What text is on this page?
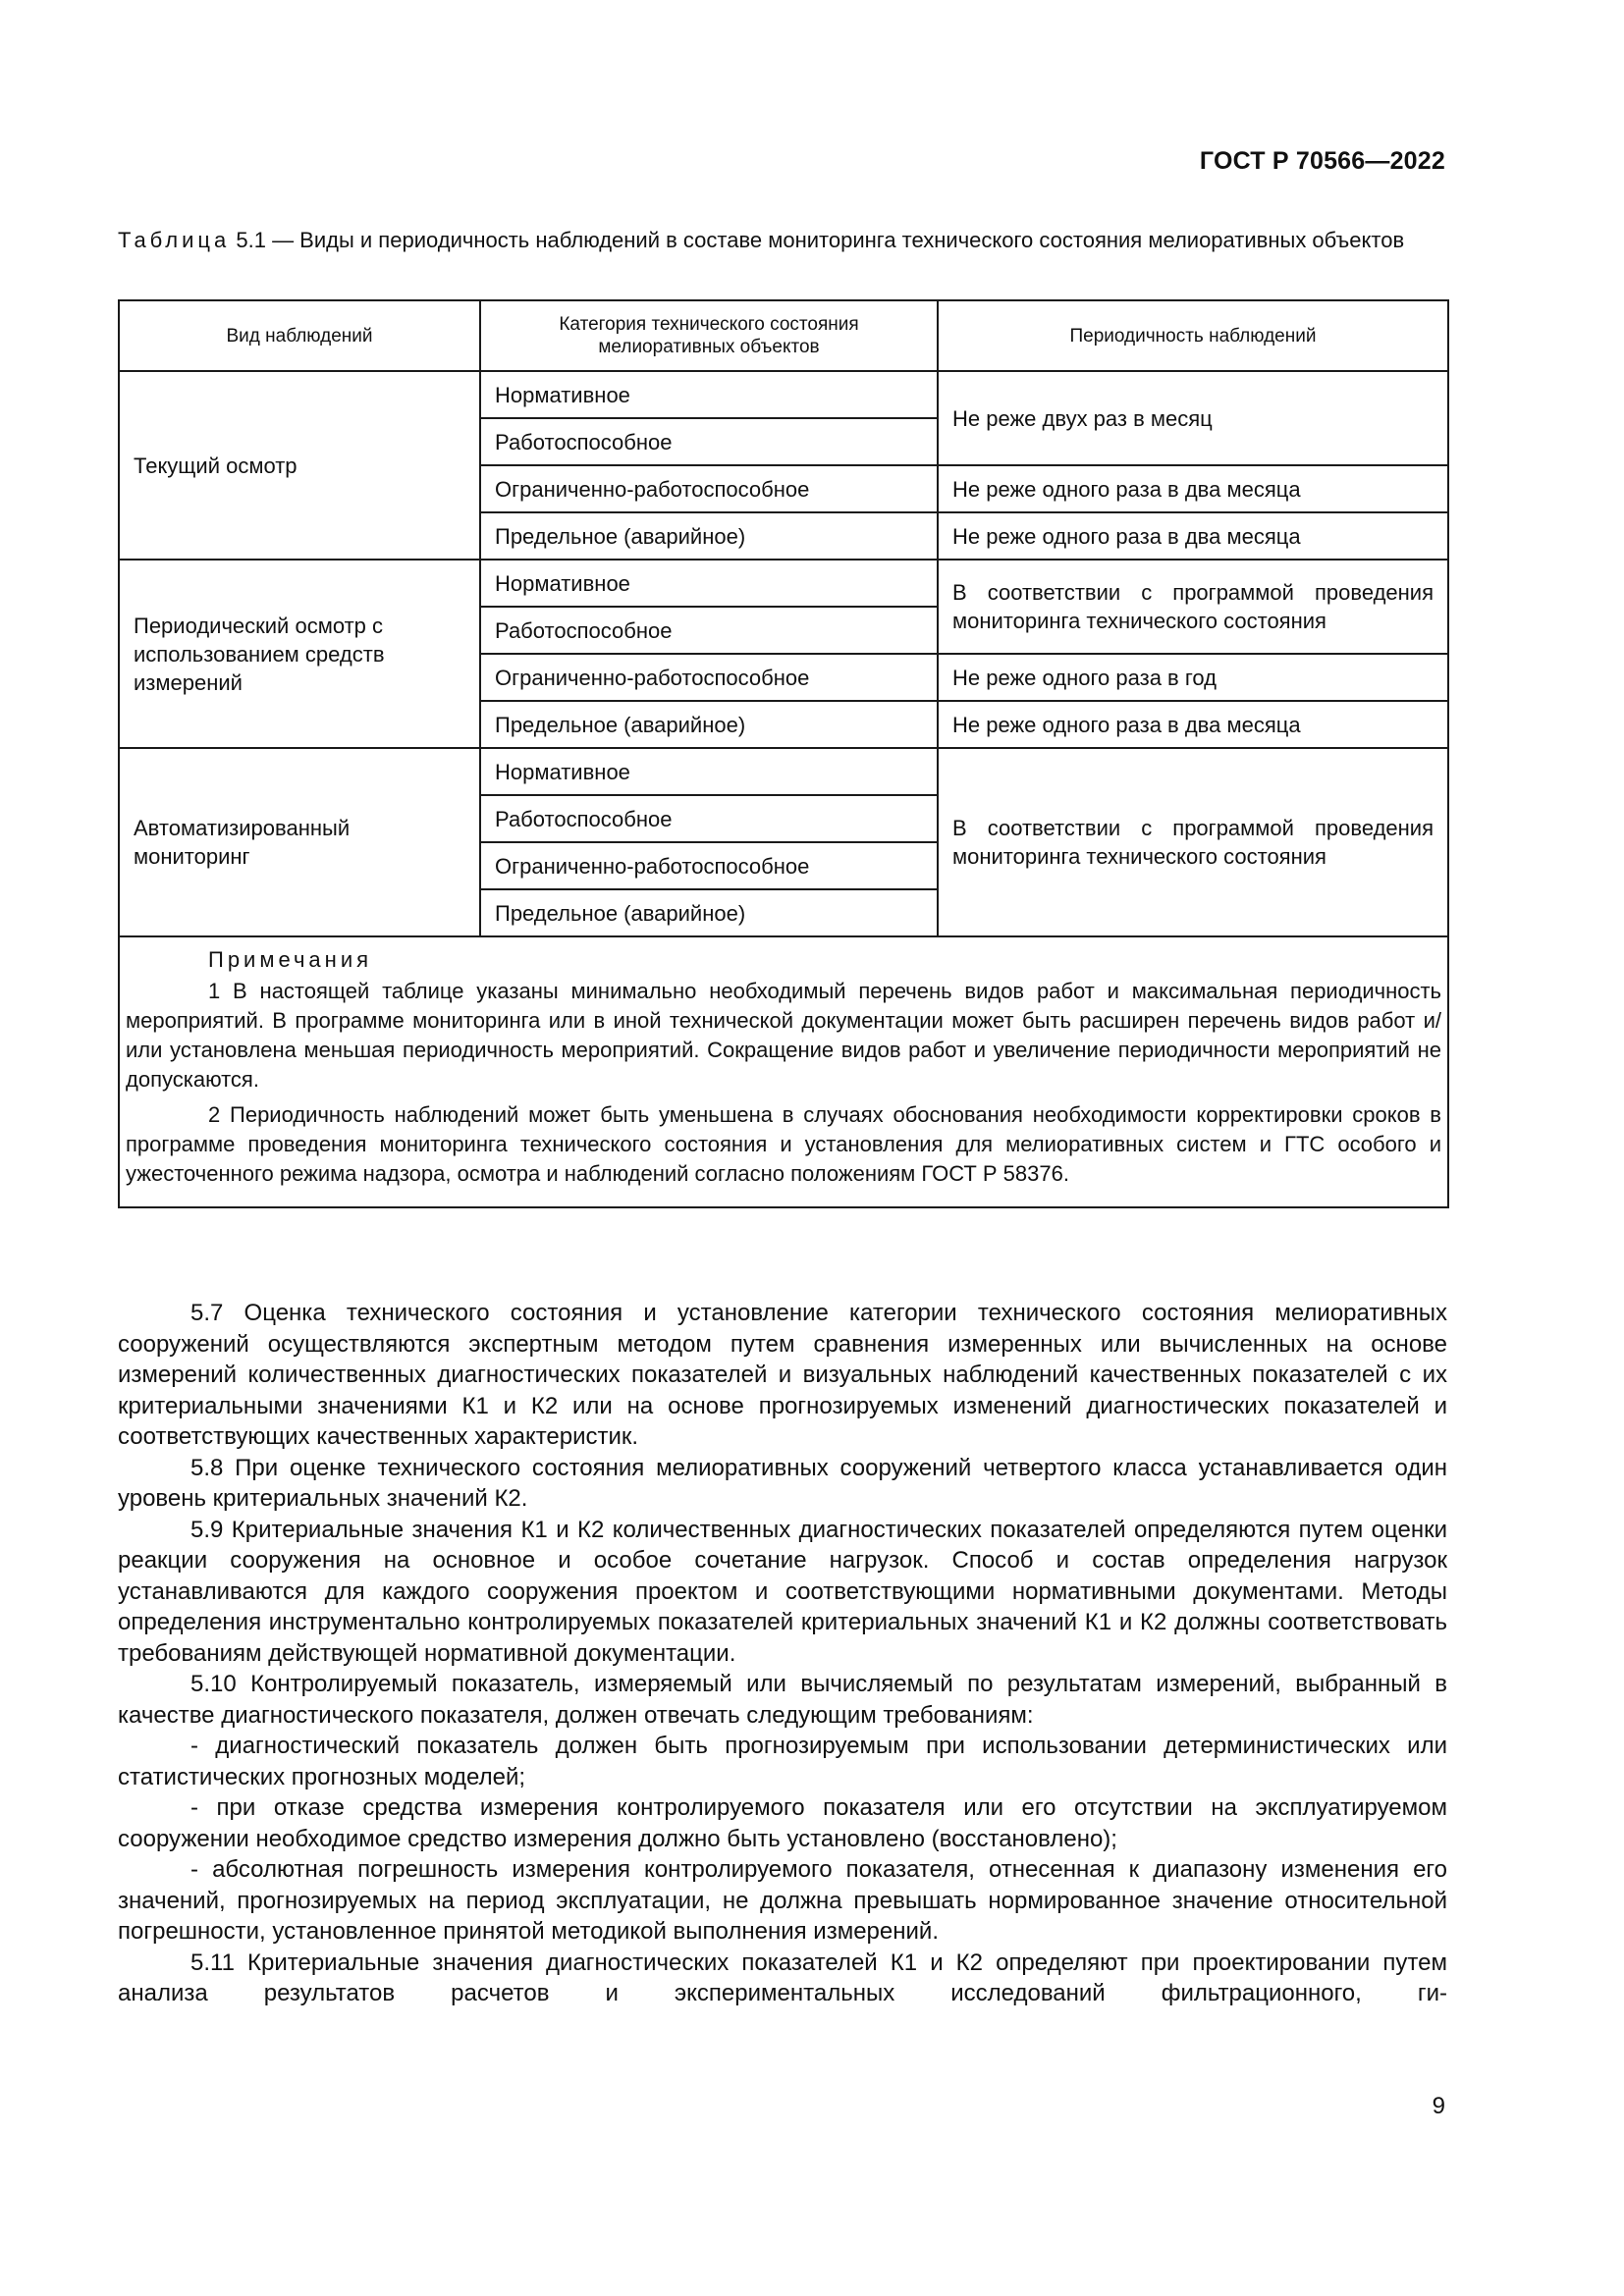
ГОСТ Р 70566—2022
Таблица 5.1 — Виды и периодичность наблюдений в составе мониторинга технического состояния мелиоративных объектов
Вид наблюдений	Категория технического состояния мелиоративных объектов	Периодичность наблюдений
Текущий осмотр	Нормативное	Не реже двух раз в месяц
	Работоспособное	
	Ограниченно-работоспособное	Не реже одного раза в два месяца
	Предельное (аварийное)	Не реже одного раза в два месяца
Периодический осмотр с использованием средств измерений	Нормативное	В соответствии с программой проведения мониторинга технического состояния
	Работоспособное	
	Ограниченно-работоспособное	Не реже одного раза в год
	Предельное (аварийное)	Не реже одного раза в два месяца
Автоматизированный мониторинг	Нормативное	В соответствии с программой проведения мониторинга технического состояния
	Работоспособное	
	Ограниченно-работоспособное	
	Предельное (аварийное)	

Примечания

1 В настоящей таблице указаны минимально необходимый перечень видов работ и максимальная периодичность мероприятий. В программе мониторинга или в иной технической документации может быть расширен перечень видов работ и/или установлена меньшая периодичность мероприятий. Сокращение видов работ и увеличение периодичности мероприятий не допускаются.

2 Периодичность наблюдений может быть уменьшена в случаях обоснования необходимости корректировки сроков в программе проведения мониторинга технического состояния и установления для мелиоративных систем и ГТС особого и ужесточенного режима надзора, осмотра и наблюдений согласно положениям ГОСТ Р 58376.		

5.7 Оценка технического состояния и установление категории технического состояния мелиоративных сооружений осуществляются экспертным методом путем сравнения измеренных или вычисленных на основе измерений количественных диагностических показателей и визуальных наблюдений качественных показателей с их критериальными значениями К1 и К2 или на основе прогнозируемых изменений диагностических показателей и соответствующих качественных характеристик.

5.8 При оценке технического состояния мелиоративных сооружений четвертого класса устанавливается один уровень критериальных значений К2.

5.9 Критериальные значения К1 и К2 количественных диагностических показателей определяются путем оценки реакции сооружения на основное и особое сочетание нагрузок. Способ и состав определения нагрузок устанавливаются для каждого сооружения проектом и соответствующими нормативными документами. Методы определения инструментально контролируемых показателей критериальных значений К1 и К2 должны соответствовать требованиям действующей нормативной документации.

5.10 Контролируемый показатель, измеряемый или вычисляемый по результатам измерений, выбранный в качестве диагностического показателя, должен отвечать следующим требованиям:

- диагностический показатель должен быть прогнозируемым при использовании детерминистических или статистических прогнозных моделей;

- при отказе средства измерения контролируемого показателя или его отсутствии на эксплуатируемом сооружении необходимое средство измерения должно быть установлено (восстановлено);

- абсолютная погрешность измерения контролируемого показателя, отнесенная к диапазону изменения его значений, прогнозируемых на период эксплуатации, не должна превышать нормированное значение относительной погрешности, установленное принятой методикой выполнения измерений.

5.11 Критериальные значения диагностических показателей К1 и К2 определяют при проектировании путем анализа результатов расчетов и экспериментальных исследований фильтрационного, ги-

9
